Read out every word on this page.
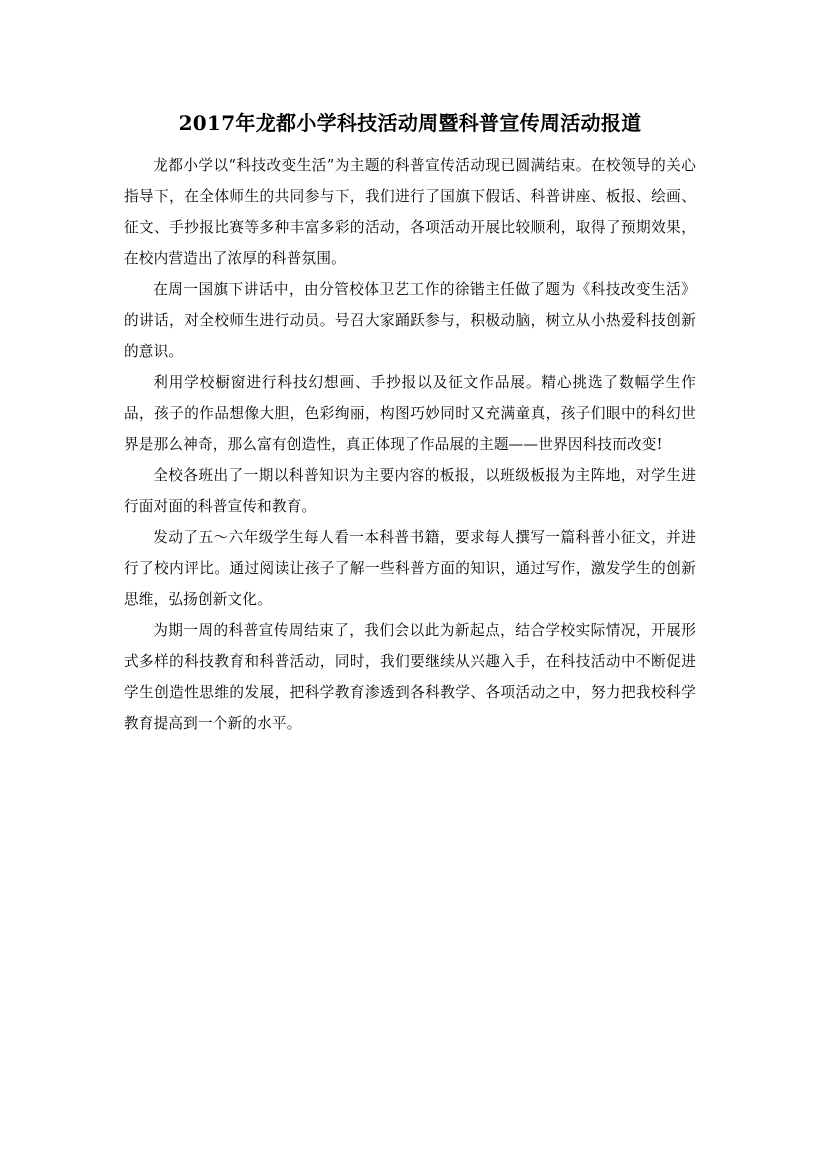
2017年龙都小学科技活动周暨科普宣传周活动报道

龙都小学以“科技改变生活”为主题的科普宣传活动现已圆满结束。在校领导的关心指导下，在全体师生的共同参与下，我们进行了国旗下假话、科普讲座、板报、绘画、征文、手抄报比赛等多种丰富多彩的活动，各项活动开展比较顺利，取得了预期效果，在校内营造出了浓厚的科普氛围。

在周一国旗下讲话中，由分管校体卫艺工作的徐锴主任做了题为《科技改变生活》的讲话，对全校师生进行动员。号召大家踊跃参与，积极动脑，树立从小热爱科技创新的意识。

利用学校橱窗进行科技幻想画、手抄报以及征文作品展。精心挑选了数幅学生作品，孩子的作品想像大胆，色彩绚丽，构图巧妙同时又充满童真，孩子们眼中的科幻世界是那么神奇，那么富有创造性，真正体现了作品展的主题——世界因科技而改变!

全校各班出了一期以科普知识为主要内容的板报，以班级板报为主阵地，对学生进行面对面的科普宣传和教育。

发动了五～六年级学生每人看一本科普书籍，要求每人撰写一篇科普小征文，并进行了校内评比。通过阅读让孩子了解一些科普方面的知识，通过写作，激发学生的创新思维，弘扬创新文化。

为期一周的科普宣传周结束了，我们会以此为新起点，结合学校实际情况，开展形式多样的科技教育和科普活动，同时，我们要继续从兴趣入手，在科技活动中不断促进学生创造性思维的发展，把科学教育渗透到各科教学、各项活动之中，努力把我校科学教育提高到一个新的水平。
